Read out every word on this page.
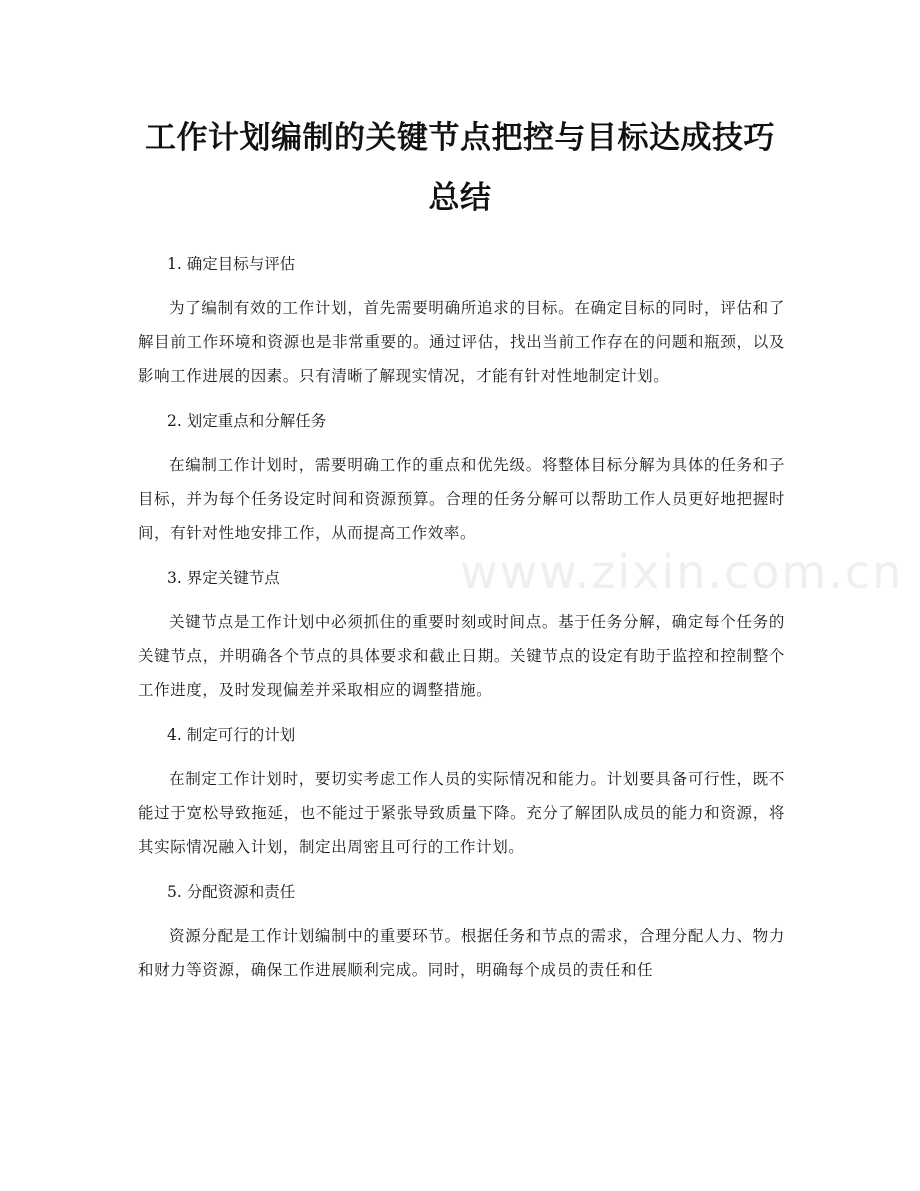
工作计划编制的关键节点把控与目标达成技巧总结

1. 确定目标与评估

为了编制有效的工作计划，首先需要明确所追求的目标。在确定目标的同时，评估和了解目前工作环境和资源也是非常重要的。通过评估，找出当前工作存在的问题和瓶颈，以及影响工作进展的因素。只有清晰了解现实情况，才能有针对性地制定计划。

2. 划定重点和分解任务

在编制工作计划时，需要明确工作的重点和优先级。将整体目标分解为具体的任务和子目标，并为每个任务设定时间和资源预算。合理的任务分解可以帮助工作人员更好地把握时间，有针对性地安排工作，从而提高工作效率。

3. 界定关键节点

关键节点是工作计划中必须抓住的重要时刻或时间点。基于任务分解，确定每个任务的关键节点，并明确各个节点的具体要求和截止日期。关键节点的设定有助于监控和控制整个工作进度，及时发现偏差并采取相应的调整措施。

4. 制定可行的计划

在制定工作计划时，要切实考虑工作人员的实际情况和能力。计划要具备可行性，既不能过于宽松导致拖延，也不能过于紧张导致质量下降。充分了解团队成员的能力和资源，将其实际情况融入计划，制定出周密且可行的工作计划。

5. 分配资源和责任

资源分配是工作计划编制中的重要环节。根据任务和节点的需求，合理分配人力、物力和财力等资源，确保工作进展顺利完成。同时，明确每个成员的责任和任

www.zixin.com.cn
